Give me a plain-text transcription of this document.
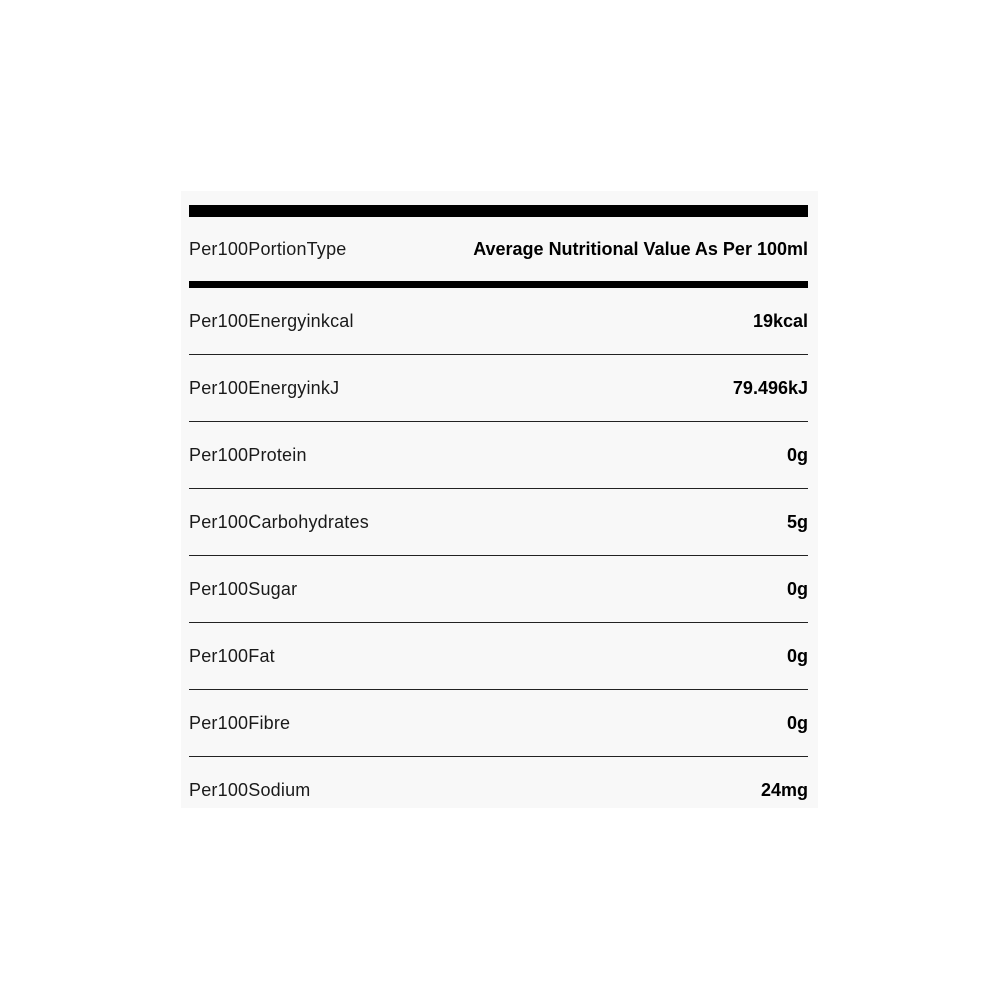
Per100PortionType	Average Nutritional Value As Per 100ml
Per100Energyinkcal	19kcal
Per100EnergyinkJ	79.496kJ
Per100Protein	0g
Per100Carbohydrates	5g
Per100Sugar	0g
Per100Fat	0g
Per100Fibre	0g
Per100Sodium	24mg
